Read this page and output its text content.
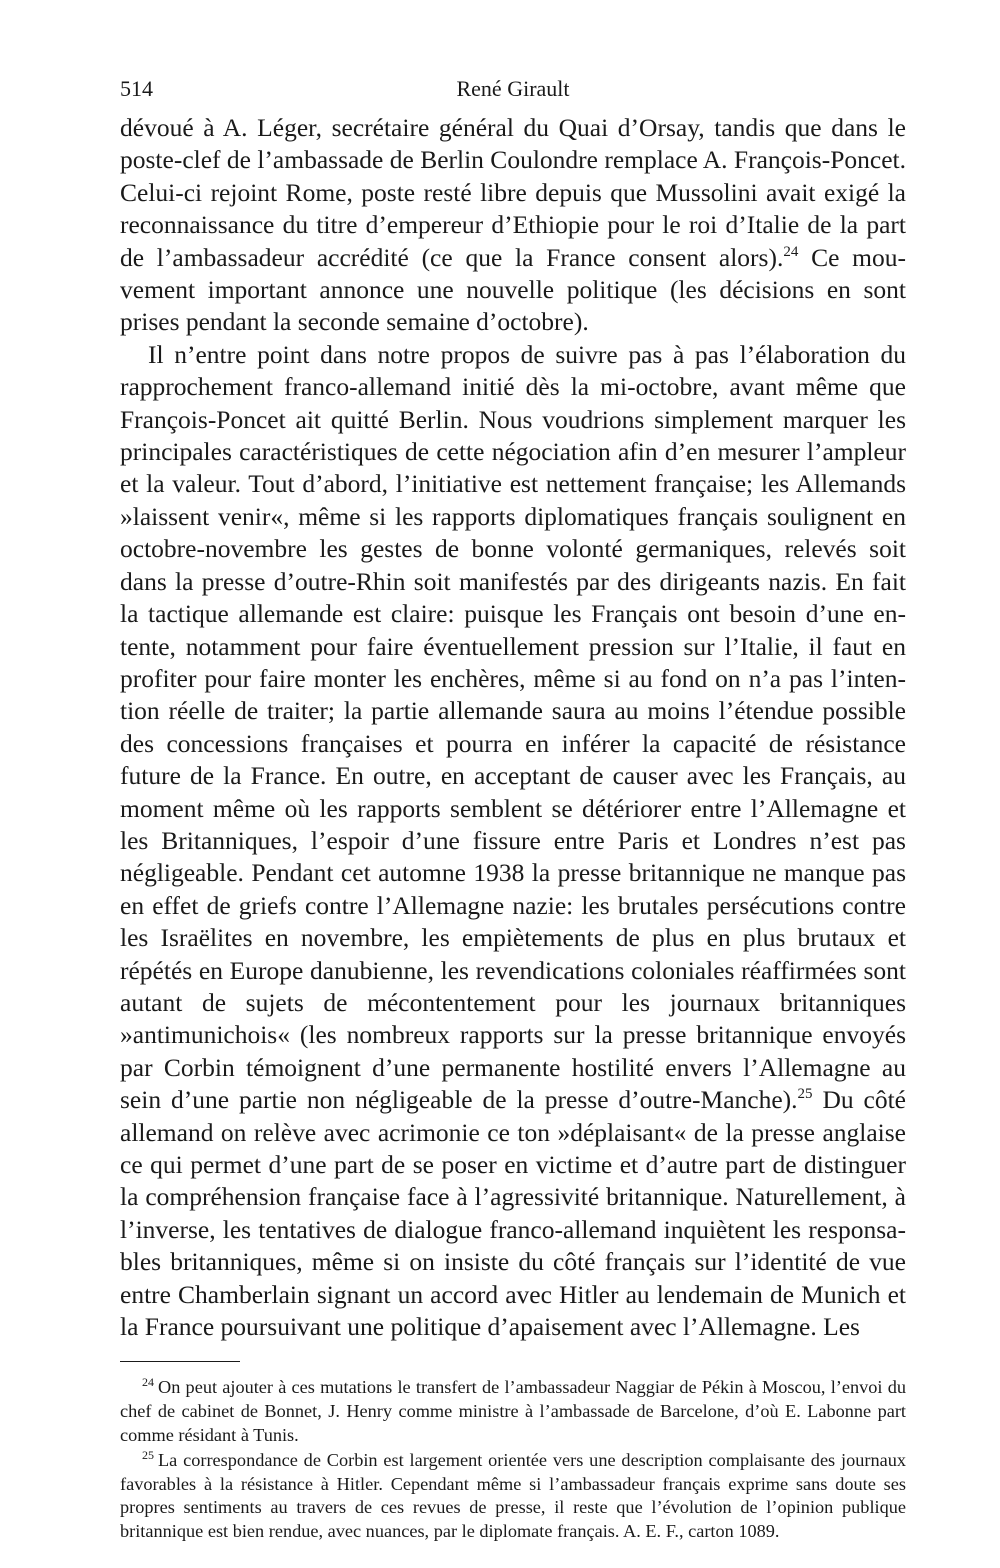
514	René Girault

dévoué à A. Léger, secrétaire général du Quai d’Orsay, tandis que dans le poste-clef de l’ambassade de Berlin Coulondre remplace A. François-Poncet. Celui-ci rejoint Rome, poste resté libre depuis que Mussolini avait exigé la reconnaissance du titre d’empereur d’Ethiopie pour le roi d’Italie de la part de l’ambassadeur accrédité (ce que la France consent alors).$^{24}$ Ce mouvement important annonce une nouvelle politique (les décisions en sont prises pendant la seconde semaine d’octobre).

Il n’entre point dans notre propos de suivre pas à pas l’élaboration du rapprochement franco-allemand initié dès la mi-octobre, avant même que François-Poncet ait quitté Berlin. Nous voudrions simplement marquer les principales caractéristiques de cette négociation afin d’en mesurer l’ampleur et la valeur. Tout d’abord, l’initiative est nettement française; les Allemands »laissent venir«, même si les rapports diplomatiques français soulignent en octobre-novembre les gestes de bonne volonté germaniques, relevés soit dans la presse d’outre-Rhin soit manifestés par des dirigeants nazis. En fait la tactique allemande est claire: puisque les Français ont besoin d’une entente, notamment pour faire éventuellement pression sur l’Italie, il faut en profiter pour faire monter les enchères, même si au fond on n’a pas l’intention réelle de traiter; la partie allemande saura au moins l’étendue possible des concessions françaises et pourra en inférer la capacité de résistance future de la France. En outre, en acceptant de causer avec les Français, au moment même où les rapports semblent se détériorer entre l’Allemagne et les Britanniques, l’espoir d’une fissure entre Paris et Londres n’est pas négligeable. Pendant cet automne 1938 la presse britannique ne manque pas en effet de griefs contre l’Allemagne nazie: les brutales persécutions contre les Israëlites en novembre, les empiètements de plus en plus brutaux et répétés en Europe danubienne, les revendications coloniales réaffirmées sont autant de sujets de mécontentement pour les journaux britanniques »antimunichois« (les nombreux rapports sur la presse britannique envoyés par Corbin témoignent d’une permanente hostilité envers l’Allemagne au sein d’une partie non négligeable de la presse d’outre-Manche).$^{25}$ Du côté allemand on relève avec acrimonie ce ton »déplaisant« de la presse anglaise ce qui permet d’une part de se poser en victime et d’autre part de distinguer la compréhension française face à l’agressivité britannique. Naturellement, à l’inverse, les tentatives de dialogue franco-allemand inquiètent les responsables britanniques, même si on insiste du côté français sur l’identité de vue entre Chamberlain signant un accord avec Hitler au lendemain de Munich et la France poursuivant une politique d’apaisement avec l’Allemagne. Les

$^{24}$ On peut ajouter à ces mutations le transfert de l’ambassadeur Naggiar de Pékin à Moscou, l’envoi du chef de cabinet de Bonnet, J. Henry comme ministre à l’ambassade de Barcelone, d’où E. Labonne part comme résidant à Tunis.

$^{25}$ La correspondance de Corbin est largement orientée vers une description complaisante des journaux favorables à la résistance à Hitler. Cependant même si l’ambassadeur français exprime sans doute ses propres sentiments au travers de ces revues de presse, il reste que l’évolution de l’opinion publique britannique est bien rendue, avec nuances, par le diplomate français. A. E. F., carton 1089.
